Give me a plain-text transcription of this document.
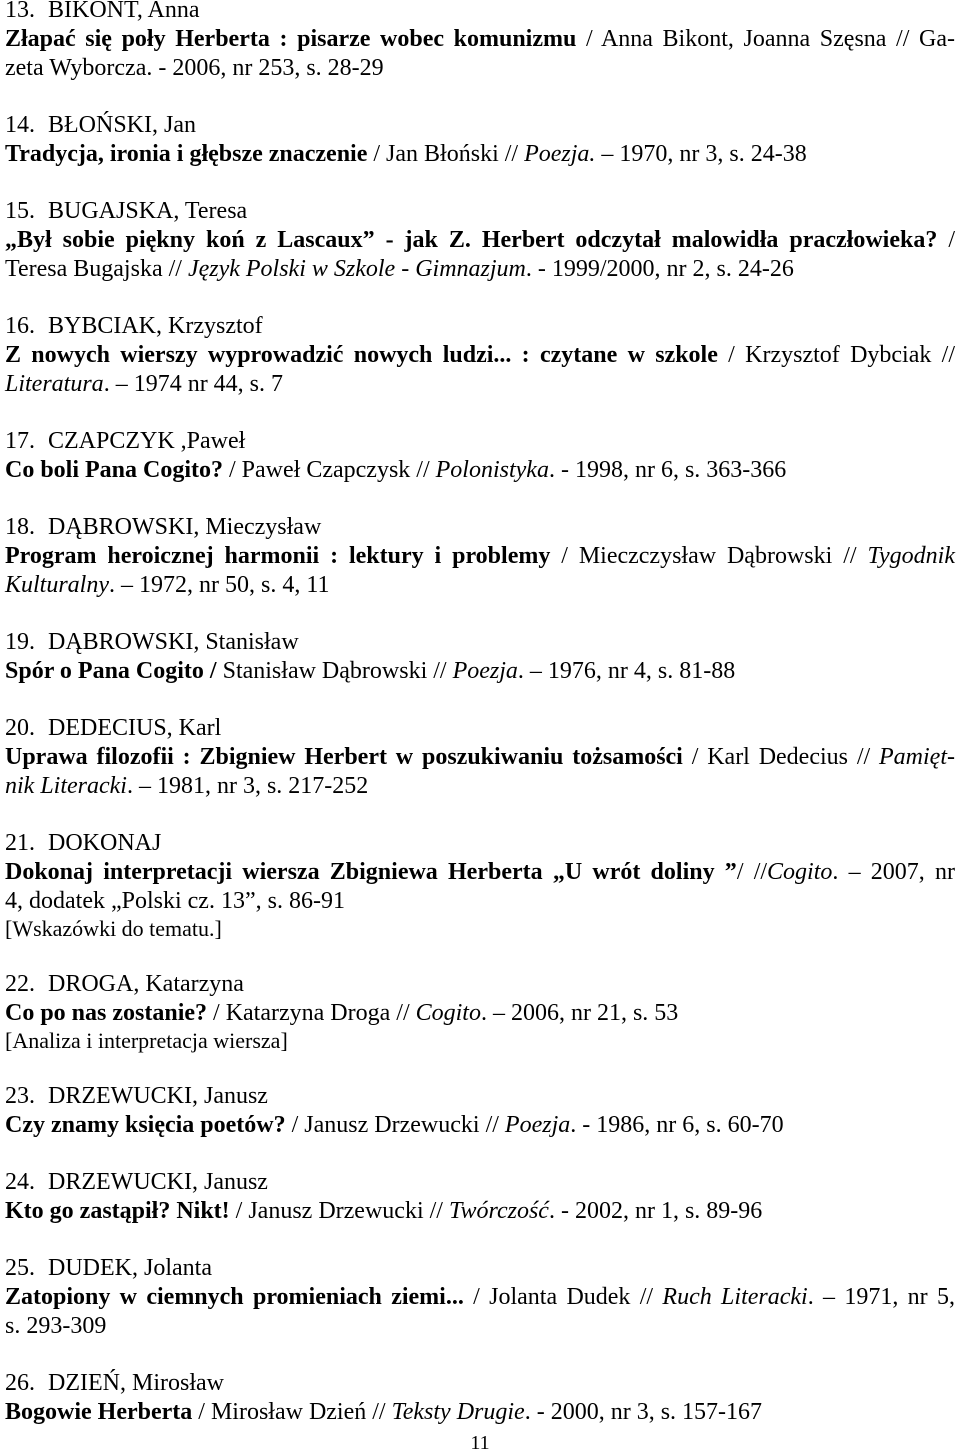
13. BIKONT, Anna
Złapać się poły Herberta : pisarze wobec komunizmu / Anna Bikont, Joanna Szęsna // Ga-
zeta Wyborcza. - 2006, nr 253, s. 28-29
14. BŁOŃSKI, Jan
Tradycja, ironia i głębsze znaczenie / Jan Błoński // Poezja. – 1970, nr 3, s. 24-38
15. BUGAJSKA, Teresa
„Był sobie piękny koń z Lascaux” - jak Z. Herbert odczytał malowidła praczłowieka? /
Teresa Bugajska // Język Polski w Szkole - Gimnazjum. - 1999/2000, nr 2, s. 24-26
16. BYBCIAK, Krzysztof
Z nowych wierszy wyprowadzić nowych ludzi... : czytane w szkole / Krzysztof Dybciak //
Literatura. – 1974 nr 44, s. 7
17. CZAPCZYK ,Paweł
Co boli Pana Cogito? / Paweł Czapczysk // Polonistyka. - 1998, nr 6, s. 363-366
18. DĄBROWSKI, Mieczysław
Program heroicznej harmonii : lektury i problemy / Mieczczysław Dąbrowski // Tygodnik
Kulturalny. – 1972, nr 50, s. 4, 11
19. DĄBROWSKI, Stanisław
Spór o Pana Cogito / Stanisław Dąbrowski // Poezja. – 1976, nr 4, s. 81-88
20. DEDECIUS, Karl
Uprawa filozofii : Zbigniew Herbert w poszukiwaniu tożsamości / Karl Dedecius // Pamięt-
nik Literacki. – 1981, nr 3, s. 217-252
21. DOKONAJ
Dokonaj interpretacji wiersza Zbigniewa Herberta „U wrót doliny ”/ //Cogito. – 2007, nr
4, dodatek „Polski cz. 13”, s. 86-91
[Wskazówki do tematu.]
22. DROGA, Katarzyna
Co po nas zostanie? / Katarzyna Droga // Cogito. – 2006, nr 21, s. 53
[Analiza i interpretacja wiersza]
23. DRZEWUCKI, Janusz
Czy znamy księcia poetów? / Janusz Drzewucki // Poezja. - 1986, nr 6, s. 60-70
24. DRZEWUCKI, Janusz
Kto go zastąpił? Nikt! / Janusz Drzewucki // Twórczość. - 2002, nr 1, s. 89-96
25. DUDEK, Jolanta
Zatopiony w ciemnych promieniach ziemi... / Jolanta Dudek // Ruch Literacki. – 1971, nr 5,
s. 293-309
26. DZIEŃ, Mirosław
Bogowie Herberta / Mirosław Dzień // Teksty Drugie. - 2000, nr 3, s. 157-167
11
